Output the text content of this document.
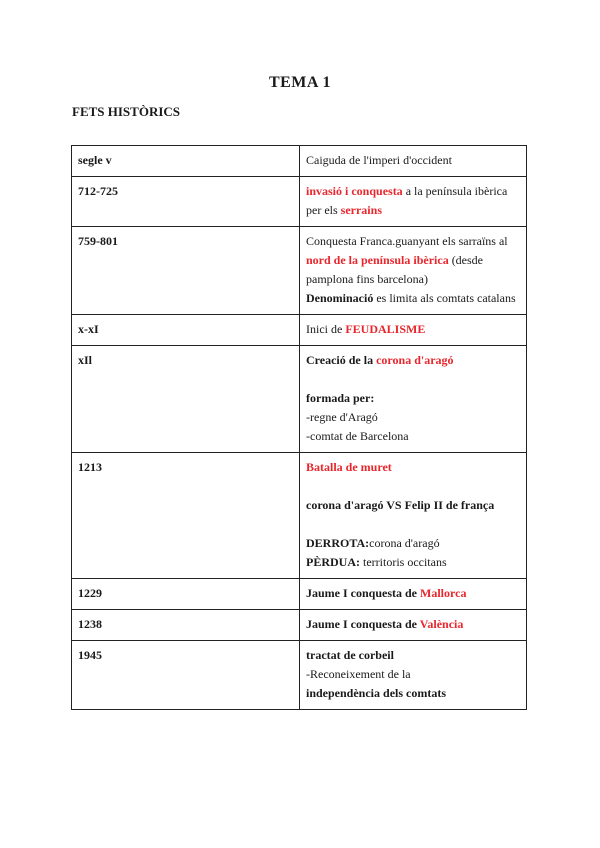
TEMA 1
FETS HISTÒRICS
segle v	Caiguda de l'imperi d'occident
712-725	invasió i conquesta a la península ibèrica per els serrains
759-801	Conquesta Franca.guanyant els sarraïns al nord de la península ibèrica (desde pamplona fins barcelona)
Denominació es limita als comtats catalans
x-xI	Inici de FEUDALISME
xIl	Creació de la corona d'aragó
formada per:
-regne d'Aragó
-comtat de Barcelona
1213	Batalla de muret
corona d'aragó VS Felip II de frança
DERROTA:corona d'aragó
PÈRDUA: territoris occitans
1229	Jaume I conquesta de Mallorca
1238	Jaume I conquesta de València
1945	tractat de corbeil
-Reconeixement de la
independència dels comtats
